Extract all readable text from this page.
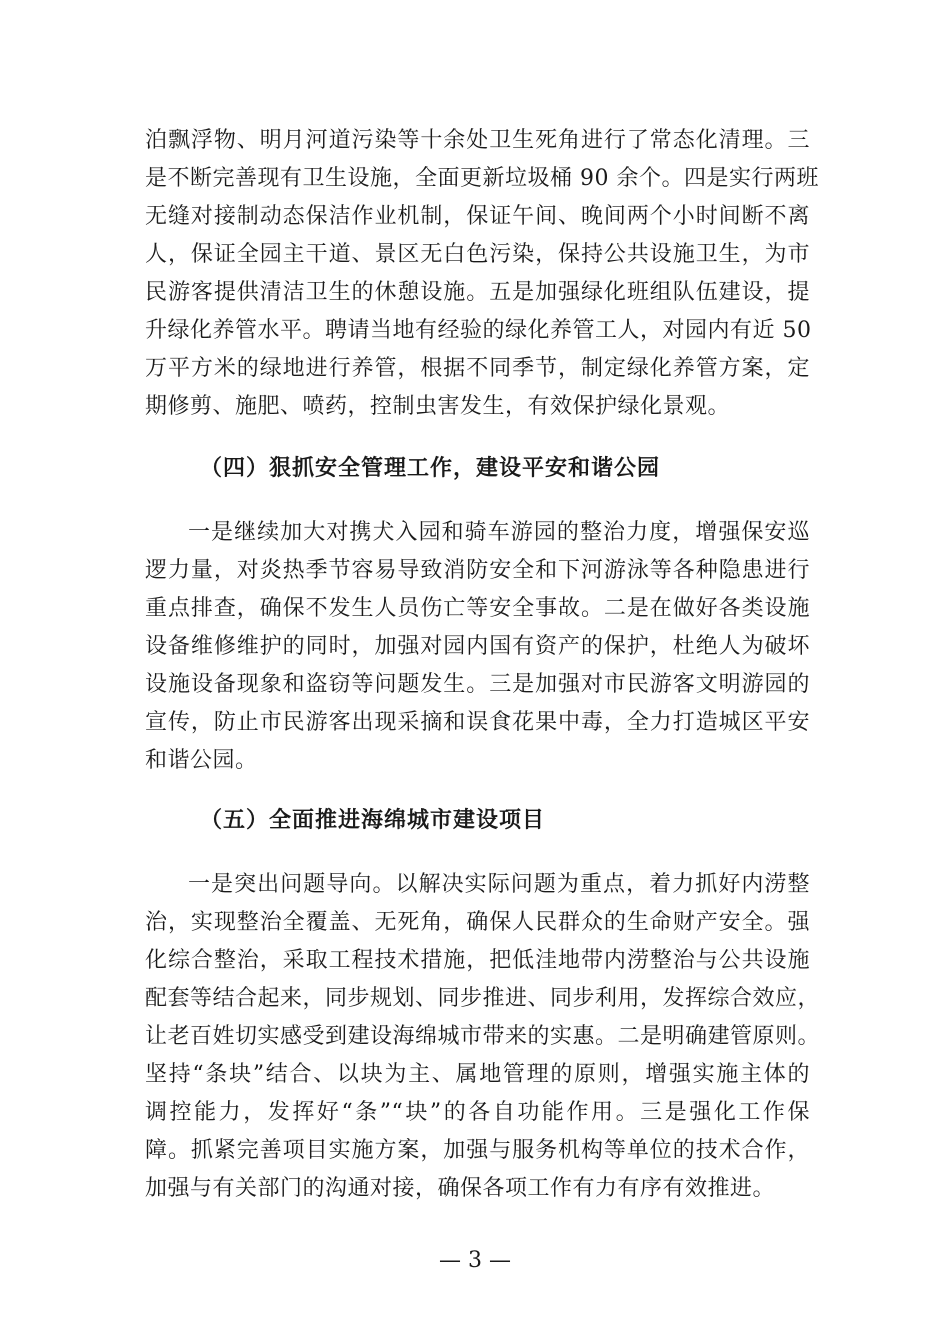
泊飘浮物、明月河道污染等十余处卫生死角进行了常态化清理。三
是不断完善现有卫生设施，全面更新垃圾桶 90 余个。四是实行两班
无缝对接制动态保洁作业机制，保证午间、晚间两个小时间断不离
人，保证全园主干道、景区无白色污染，保持公共设施卫生，为市
民游客提供清洁卫生的休憩设施。五是加强绿化班组队伍建设，提
升绿化养管水平。聘请当地有经验的绿化养管工人，对园内有近 50
万平方米的绿地进行养管，根据不同季节，制定绿化养管方案，定
期修剪、施肥、喷药，控制虫害发生，有效保护绿化景观。
（四）狠抓安全管理工作，建设平安和谐公园
一是继续加大对携犬入园和骑车游园的整治力度，增强保安巡
逻力量，对炎热季节容易导致消防安全和下河游泳等各种隐患进行
重点排查，确保不发生人员伤亡等安全事故。二是在做好各类设施
设备维修维护的同时，加强对园内国有资产的保护，杜绝人为破坏
设施设备现象和盗窃等问题发生。三是加强对市民游客文明游园的
宣传，防止市民游客出现采摘和误食花果中毒，全力打造城区平安
和谐公园。
（五）全面推进海绵城市建设项目
一是突出问题导向。以解决实际问题为重点，着力抓好内涝整
治，实现整治全覆盖、无死角，确保人民群众的生命财产安全。强
化综合整治，采取工程技术措施，把低洼地带内涝整治与公共设施
配套等结合起来，同步规划、同步推进、同步利用，发挥综合效应，
让老百姓切实感受到建设海绵城市带来的实惠。二是明确建管原则。
坚持“条块”结合、以块为主、属地管理的原则，增强实施主体的
调控能力，发挥好“条”“块”的各自功能作用。三是强化工作保
障。抓紧完善项目实施方案，加强与服务机构等单位的技术合作，
加强与有关部门的沟通对接，确保各项工作有力有序有效推进。
— 3 —
